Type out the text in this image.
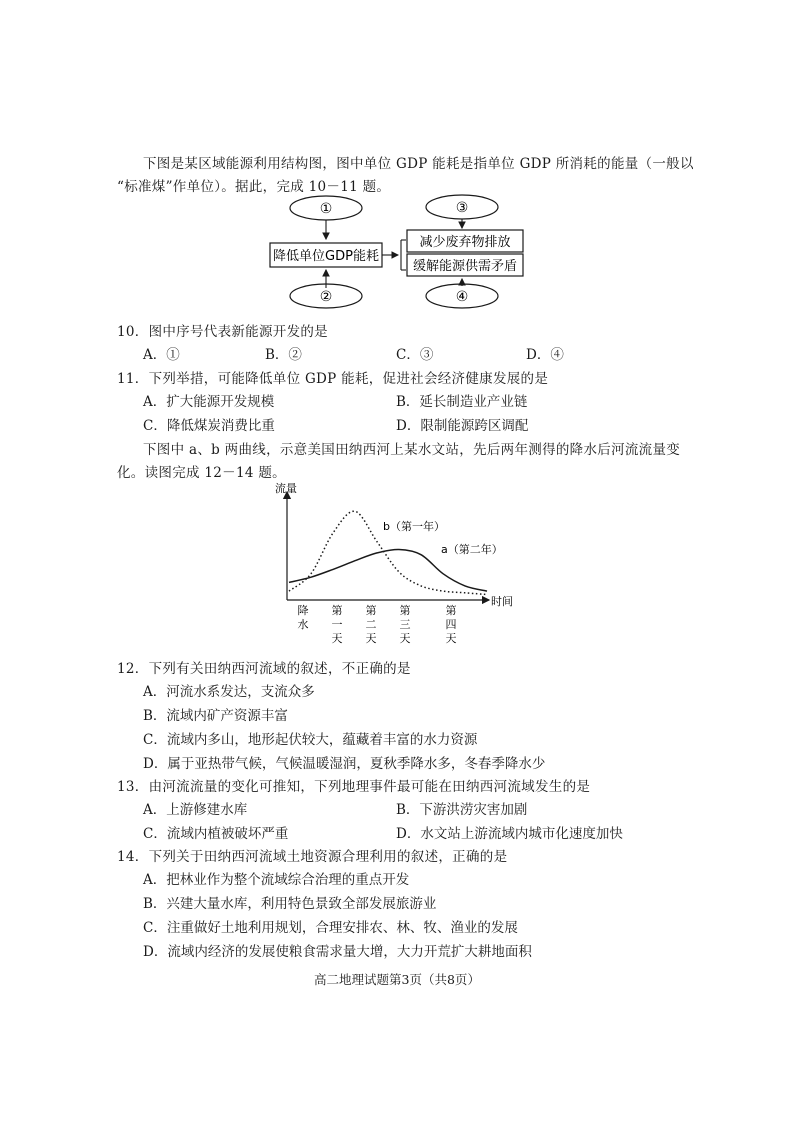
下图是某区域能源利用结构图，图中单位 GDP 能耗是指单位 GDP 所消耗的能量（一般以
“标准煤”作单位）。据此，完成 10－11 题。
①
降低单位GDP能耗
②
③
减少废弃物排放
缓解能源供需矛盾
④
10．图中序号代表新能源开发的是
A．①	B．②	C．③	D．④
11．下列举措，可能降低单位 GDP 能耗，促进社会经济健康发展的是
A．扩大能源开发规模	B．延长制造业产业链
C．降低煤炭消费比重	D．限制能源跨区调配
下图中 a、b 两曲线，示意美国田纳西河上某水文站，先后两年测得的降水后河流流量变
化。读图完成 12－14 题。
流量
时间
b（第一年）
a（第二年）
降
水
第
一
天
第
二
天
第
三
天
第
四
天
12．下列有关田纳西河流域的叙述，不正确的是
A．河流水系发达，支流众多
B．流域内矿产资源丰富
C．流域内多山，地形起伏较大，蕴藏着丰富的水力资源
D．属于亚热带气候，气候温暖湿润，夏秋季降水多，冬春季降水少
13．由河流流量的变化可推知，下列地理事件最可能在田纳西河流域发生的是
A．上游修建水库	B．下游洪涝灾害加剧
C．流域内植被破坏严重	D．水文站上游流域内城市化速度加快
14．下列关于田纳西河流域土地资源合理利用的叙述，正确的是
A．把林业作为整个流域综合治理的重点开发
B．兴建大量水库，利用特色景致全部发展旅游业
C．注重做好土地利用规划，合理安排农、林、牧、渔业的发展
D．流域内经济的发展使粮食需求量大增，大力开荒扩大耕地面积
高二地理试题第3页（共8页）
